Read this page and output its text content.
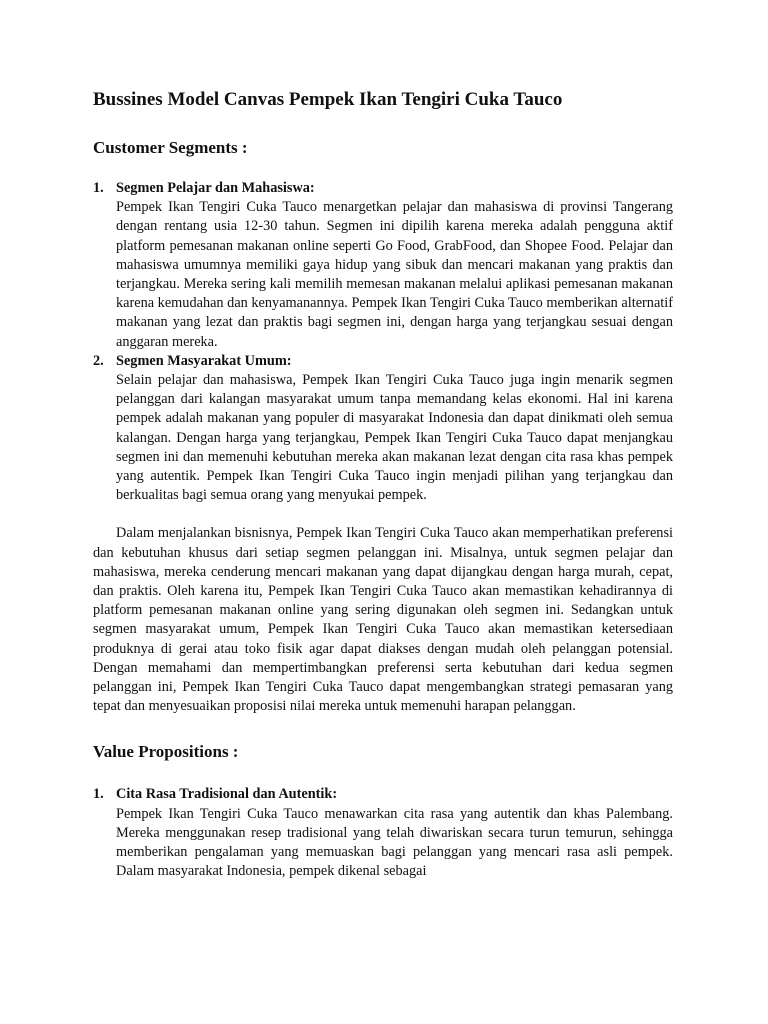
Bussines Model Canvas Pempek Ikan Tengiri Cuka Tauco
Customer Segments :
1. Segmen Pelajar dan Mahasiswa:
Pempek Ikan Tengiri Cuka Tauco menargetkan pelajar dan mahasiswa di provinsi Tangerang dengan rentang usia 12-30 tahun. Segmen ini dipilih karena mereka adalah pengguna aktif platform pemesanan makanan online seperti Go Food, GrabFood, dan Shopee Food. Pelajar dan mahasiswa umumnya memiliki gaya hidup yang sibuk dan mencari makanan yang praktis dan terjangkau. Mereka sering kali memilih memesan makanan melalui aplikasi pemesanan makanan karena kemudahan dan kenyamanannya. Pempek Ikan Tengiri Cuka Tauco memberikan alternatif makanan yang lezat dan praktis bagi segmen ini, dengan harga yang terjangkau sesuai dengan anggaran mereka.
2. Segmen Masyarakat Umum:
Selain pelajar dan mahasiswa, Pempek Ikan Tengiri Cuka Tauco juga ingin menarik segmen pelanggan dari kalangan masyarakat umum tanpa memandang kelas ekonomi. Hal ini karena pempek adalah makanan yang populer di masyarakat Indonesia dan dapat dinikmati oleh semua kalangan. Dengan harga yang terjangkau, Pempek Ikan Tengiri Cuka Tauco dapat menjangkau segmen ini dan memenuhi kebutuhan mereka akan makanan lezat dengan cita rasa khas pempek yang autentik. Pempek Ikan Tengiri Cuka Tauco ingin menjadi pilihan yang terjangkau dan berkualitas bagi semua orang yang menyukai pempek.

Dalam menjalankan bisnisnya, Pempek Ikan Tengiri Cuka Tauco akan memperhatikan preferensi dan kebutuhan khusus dari setiap segmen pelanggan ini. Misalnya, untuk segmen pelajar dan mahasiswa, mereka cenderung mencari makanan yang dapat dijangkau dengan harga murah, cepat, dan praktis. Oleh karena itu, Pempek Ikan Tengiri Cuka Tauco akan memastikan kehadirannya di platform pemesanan makanan online yang sering digunakan oleh segmen ini. Sedangkan untuk segmen masyarakat umum, Pempek Ikan Tengiri Cuka Tauco akan memastikan ketersediaan produknya di gerai atau toko fisik agar dapat diakses dengan mudah oleh pelanggan potensial. Dengan memahami dan mempertimbangkan preferensi serta kebutuhan dari kedua segmen pelanggan ini, Pempek Ikan Tengiri Cuka Tauco dapat mengembangkan strategi pemasaran yang tepat dan menyesuaikan proposisi nilai mereka untuk memenuhi harapan pelanggan.

Value Propositions :
1. Cita Rasa Tradisional dan Autentik:
Pempek Ikan Tengiri Cuka Tauco menawarkan cita rasa yang autentik dan khas Palembang. Mereka menggunakan resep tradisional yang telah diwariskan secara turun temurun, sehingga memberikan pengalaman yang memuaskan bagi pelanggan yang mencari rasa asli pempek. Dalam masyarakat Indonesia, pempek dikenal sebagai
